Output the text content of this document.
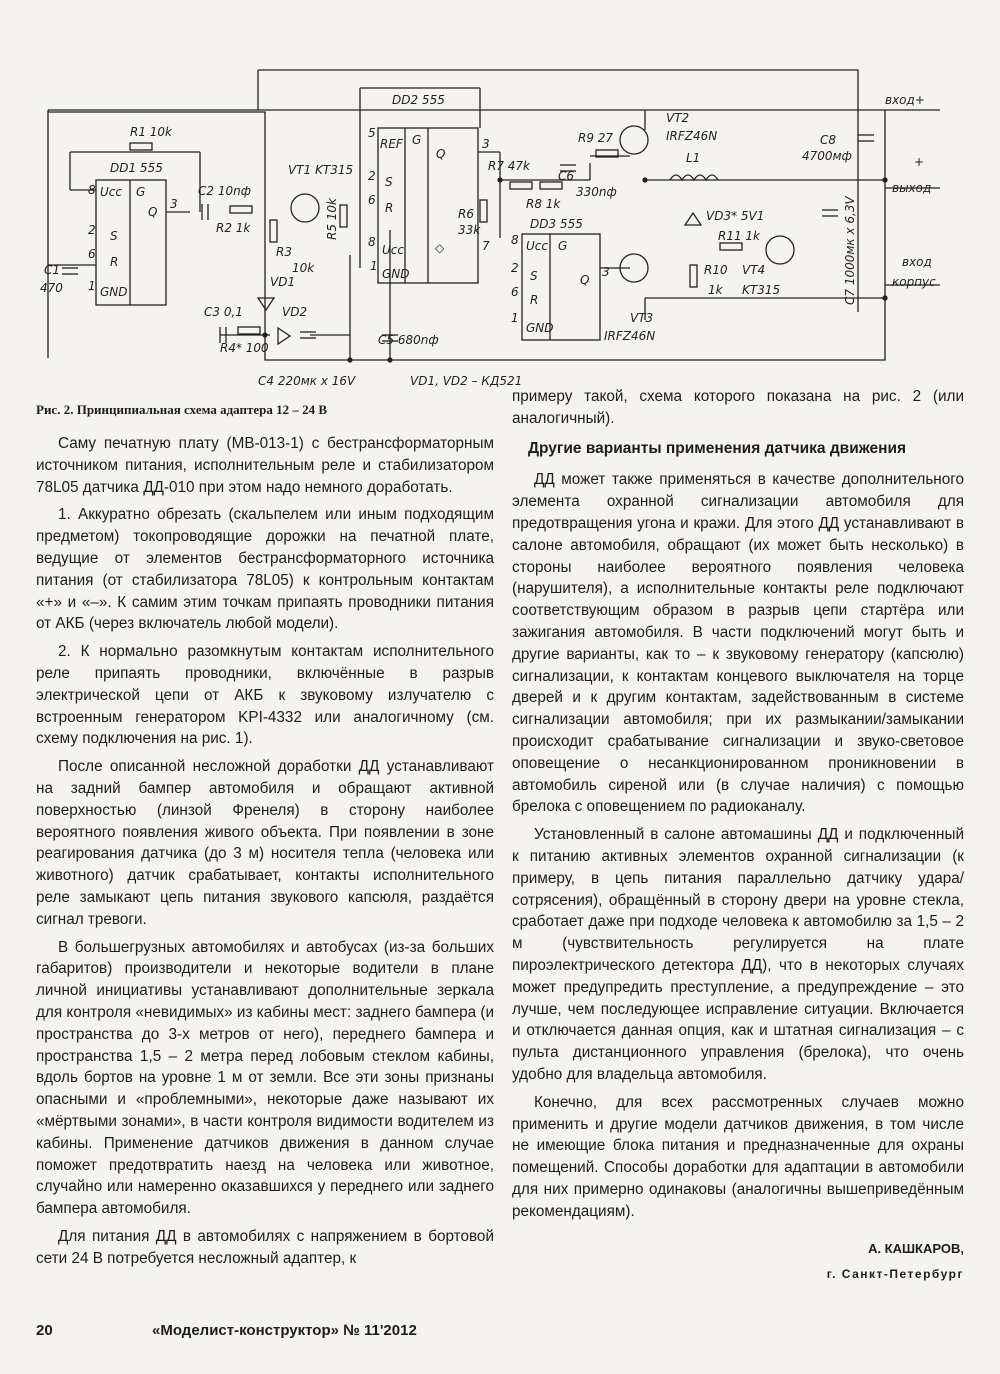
R1 10k
DD1 555
Ucc G
S
R
Q
GND
8
2
6
1
3
C2 10nф
R2 1k
VT1 KT315
DD2 555
REF G
S
R
Ucc
GND
Q
◇
5
2
6
8
1
3
7
R9 27
VT2
IRFZ46N
вход+
C8
4700мф
L1
C6
330nф
R7 47k
R8 1k
+
выход
VD3* 5V1
R11 1k
VT4
KT315
R10
1k	C7 1000мк x 6,3V	вход
корпус
DD3 555
Ucc G
S
R
Q
GND
8
2
6
1
3
R6
33k
R3
10k
R5 10k
VD1
C1
470
C3 0,1	VD2
R4* 100
C5 680nф
VT3
IRFZ46N
C4 220мк x 16V	VD1, VD2 – КД521
Рис. 2. Принципиальная схема адаптера 12 – 24 В

Саму печатную плату (МВ-013-1) с бестрансформаторным источником питания, исполнительным реле и стабилизатором 78L05 датчика ДД-010 при этом надо немного доработать.

1. Аккуратно обрезать (скальпелем или иным подходящим предметом) токопроводящие дорожки на печатной плате, ведущие от элементов бестрансформаторного источника питания (от стабилизатора 78L05) к контрольным контактам «+» и «–». К самим этим точкам припаять проводники питания от АКБ (через включатель любой модели).

2. К нормально разомкнутым контактам исполнительного реле припаять проводники, включённые в разрыв электрической цепи от АКБ к звуковому излучателю с встроенным генератором KPI-4332 или аналогичному (см. схему подключения на рис. 1).

После описанной несложной доработки ДД устанавливают на задний бампер автомобиля и обращают активной поверхностью (линзой Френеля) в сторону наиболее вероятного появления живого объекта. При появлении в зоне реагирования датчика (до 3 м) носителя тепла (человека или животного) датчик срабатывает, контакты исполнительного реле замыкают цепь питания звукового капсюля, раздаётся сигнал тревоги.

В большегрузных автомобилях и автобусах (из-за больших габаритов) производители и некоторые водители в плане личной инициативы устанавливают дополнительные зеркала для контроля «невидимых» из кабины мест: заднего бампера (и пространства до 3-х метров от него), переднего бампера и пространства 1,5 – 2 метра перед лобовым стеклом кабины, вдоль бортов на уровне 1 м от земли. Все эти зоны признаны опасными и «проблемными», некоторые даже называют их «мёртвыми зонами», в части контроля видимости водителем из кабины. Применение датчиков движения в данном случае поможет предотвратить наезд на человека или животное, случайно или намеренно оказавшихся у переднего или заднего бампера автомобиля.

Для питания ДД в автомобилях с напряжением в бортовой сети 24 В потребуется несложный адаптер, к

примеру такой, схема которого показана на рис. 2 (или аналогичный).

Другие варианты применения датчика движения

ДД может также применяться в качестве дополнительного элемента охранной сигнализации автомобиля для предотвращения угона и кражи. Для этого ДД устанавливают в салоне автомобиля, обращают (их может быть несколько) в стороны наиболее вероятного появления человека (нарушителя), а исполнительные контакты реле подключают соответствующим образом в разрыв цепи стартёра или зажигания автомобиля. В части подключений могут быть и другие варианты, как то – к звуковому генератору (капсюлю) сигнализации, к контактам концевого выключателя на торце дверей и к другим контактам, задействованным в системе сигнализации автомобиля; при их размыкании/замыкании происходит срабатывание сигнализации и звуко-световое оповещение о несанкционированном проникновении в автомобиль сиреной или (в случае наличия) с помощью брелока с оповещением по радиоканалу.

Установленный в салоне автомашины ДД и подключенный к питанию активных элементов охранной сигнализации (к примеру, в цепь питания параллельно датчику удара/сотрясения), обращённый в сторону двери на уровне стекла, сработает даже при подходе человека к автомобилю за 1,5 – 2 м (чувствительность регулируется на плате пироэлектрического детектора ДД), что в некоторых случаях может предупредить преступление, а предупреждение – это лучше, чем последующее исправление ситуации. Включается и отключается данная опция, как и штатная сигнализация – с пульта дистанционного управления (брелока), что очень удобно для владельца автомобиля.

Конечно, для всех рассмотренных случаев можно применить и другие модели датчиков движения, в том числе не имеющие блока питания и предназначенные для охраны помещений. Способы доработки для адаптации в автомобили для них примерно одинаковы (аналогичны вышеприведённым рекомендациям).

А. КАШКАРОВ,
г. Санкт-Петербург
20	«Моделист-конструктор» № 11'2012
